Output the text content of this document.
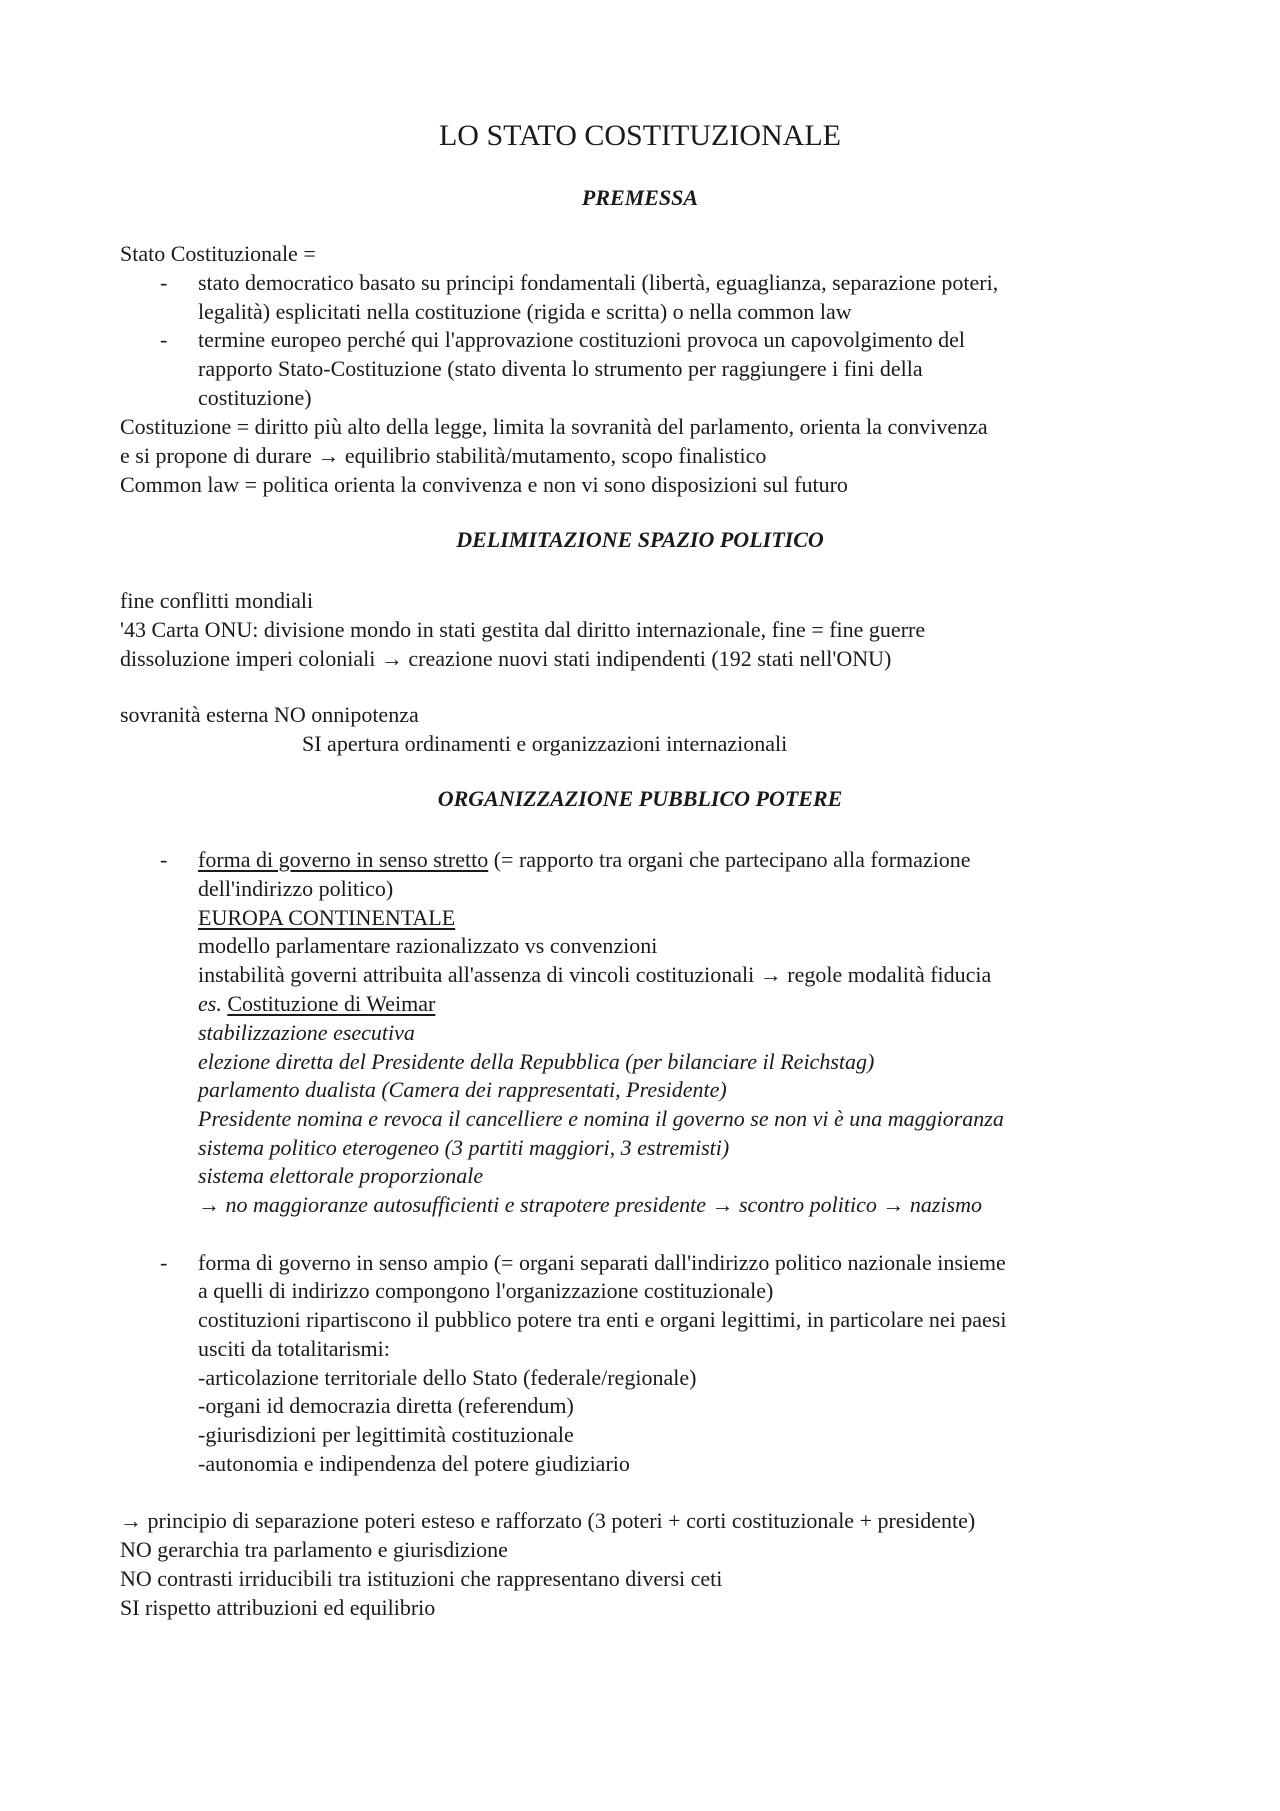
LO STATO COSTITUZIONALE
PREMESSA

Stato Costituzionale =

- stato democratico basato su principi fondamentali (libertà, eguaglianza, separazione poteri,

legalità) esplicitati nella costituzione (rigida e scritta) o nella common law

- termine europeo perché qui l'approvazione costituzioni provoca un capovolgimento del

rapporto Stato-Costituzione (stato diventa lo strumento per raggiungere i fini della

costituzione)

Costituzione = diritto più alto della legge, limita la sovranità del parlamento, orienta la convivenza

e si propone di durare → equilibrio stabilità/mutamento, scopo finalistico

Common law = politica orienta la convivenza e non vi sono disposizioni sul futuro

DELIMITAZIONE SPAZIO POLITICO

fine conflitti mondiali

'43 Carta ONU: divisione mondo in stati gestita dal diritto internazionale, fine = fine guerre

dissoluzione imperi coloniali → creazione nuovi stati indipendenti (192 stati nell'ONU)

sovranità esterna NO onnipotenza

SI apertura ordinamenti e organizzazioni internazionali

ORGANIZZAZIONE PUBBLICO POTERE
- forma di governo in senso stretto (= rapporto tra organi che partecipano alla formazione

dell'indirizzo politico)

EUROPA CONTINENTALE

modello parlamentare razionalizzato vs convenzioni

instabilità governi attribuita all'assenza di vincoli costituzionali → regole modalità fiducia

es. Costituzione di Weimar

stabilizzazione esecutiva

elezione diretta del Presidente della Repubblica (per bilanciare il Reichstag)

parlamento dualista (Camera dei rappresentati, Presidente)

Presidente nomina e revoca il cancelliere e nomina il governo se non vi è una maggioranza

sistema politico eterogeneo (3 partiti maggiori, 3 estremisti)

sistema elettorale proporzionale

→ no maggioranze autosufficienti e strapotere presidente → scontro politico → nazismo

- forma di governo in senso ampio (= organi separati dall'indirizzo politico nazionale insieme

a quelli di indirizzo compongono l'organizzazione costituzionale)

costituzioni ripartiscono il pubblico potere tra enti e organi legittimi, in particolare nei paesi

usciti da totalitarismi:

-articolazione territoriale dello Stato (federale/regionale)

-organi id democrazia diretta (referendum)

-giurisdizioni per legittimità costituzionale

-autonomia e indipendenza del potere giudiziario

→ principio di separazione poteri esteso e rafforzato (3 poteri + corti costituzionale + presidente)

NO gerarchia tra parlamento e giurisdizione

NO contrasti irriducibili tra istituzioni che rappresentano diversi ceti

SI rispetto attribuzioni ed equilibrio
